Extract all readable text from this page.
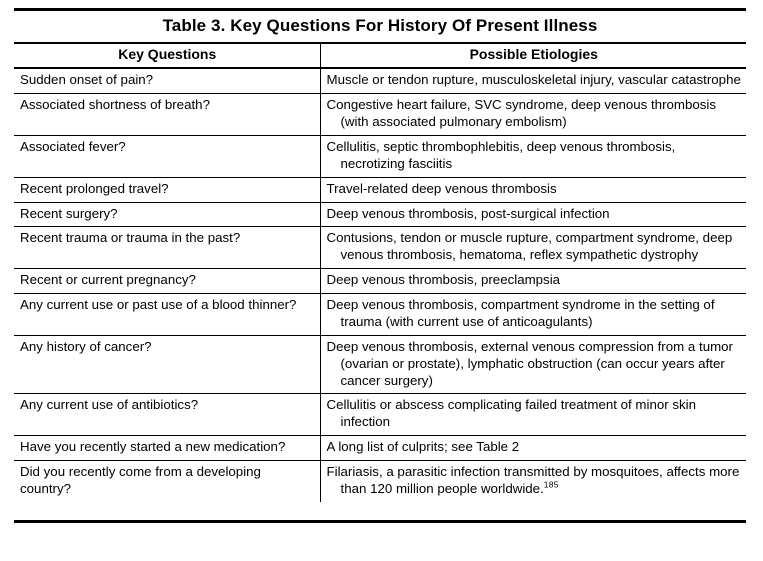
Table 3. Key Questions For History Of Present Illness
Key Questions	Possible Etiologies

Sudden onset of pain?	Muscle or tendon rupture, musculoskeletal injury, vascular catastrophe

Associated shortness of breath?	Congestive heart failure, SVC syndrome, deep venous thrombosis (with associated pulmonary embolism)

Associated fever?	Cellulitis, septic thrombophlebitis, deep venous thrombosis, necrotizing fasciitis

Recent prolonged travel?	Travel-related deep venous thrombosis

Recent surgery?	Deep venous thrombosis, post-surgical infection

Recent trauma or trauma in the past?	Contusions, tendon or muscle rupture, compartment syndrome, deep venous thrombosis, hematoma, reflex sympathetic dystrophy

Recent or current pregnancy?	Deep venous thrombosis, preeclampsia

Any current use or past use of a blood thinner?	Deep venous thrombosis, compartment syndrome in the setting of trauma (with current use of anticoagulants)

Any history of cancer?	Deep venous thrombosis, external venous compression from a tumor (ovarian or prostate), lymphatic obstruction (can occur years after cancer surgery)

Any current use of antibiotics?	Cellulitis or abscess complicating failed treatment of minor skin infection

Have you recently started a new medication?	A long list of culprits; see Table 2

Did you recently come from a developing country?	Filariasis, a parasitic infection transmitted by mosquitoes, affects more than 120 million people worldwide.$^{185}$
